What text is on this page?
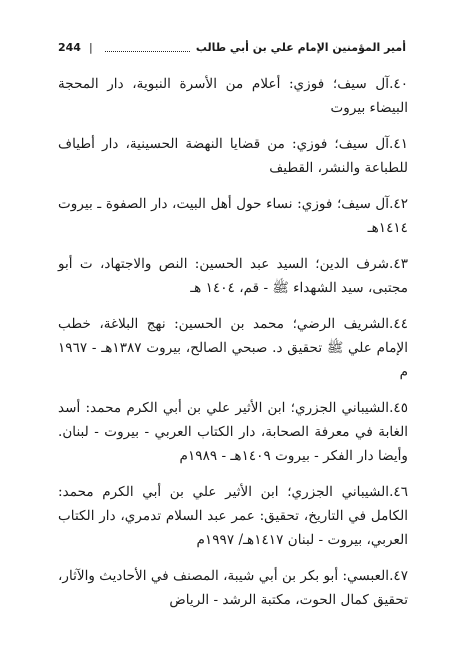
244 |	أمير المؤمنين الإمام علي بن أبي طالب

٤٠.آل سيف؛ فوزي: أعلام من الأسرة النبوية، دار المحجة البيضاء بيروت

٤١.آل سيف؛ فوزي: من قضايا النهضة الحسينية، دار أطياف للطباعة والنشر، القطيف

٤٢.آل سيف؛ فوزي: نساء حول أهل البيت، دار الصفوة ـ بيروت ١٤١٤هـ

٤٣.شرف الدين؛ السيد عبد الحسين: النص والاجتهاد، ت أبو مجتبى، سيد الشهداء ﷺ - قم، ١٤٠٤ هـ

٤٤.الشريف الرضي؛ محمد بن الحسين: نهج البلاغة، خطب الإمام علي ﷺ تحقيق د. صبحي الصالح، بيروت ١٣٨٧هـ - ١٩٦٧ م

٤٥.الشيباني الجزري؛ ابن الأثير علي بن أبي الكرم محمد: أسد الغابة في معرفة الصحابة، دار الكتاب العربي - بيروت - لبنان. وأيضا دار الفكر - بيروت ١٤٠٩هـ - ١٩٨٩م

٤٦.الشيباني الجزري؛ ابن الأثير علي بن أبي الكرم محمد: الكامل في التاريخ، تحقيق: عمر عبد السلام تدمري، دار الكتاب العربي، بيروت - لبنان ١٤١٧هـ/ ١٩٩٧م

٤٧.العبسي: أبو بكر بن أبي شيبة، المصنف في الأحاديث والآثار، تحقيق كمال الحوت، مكتبة الرشد - الرياض
